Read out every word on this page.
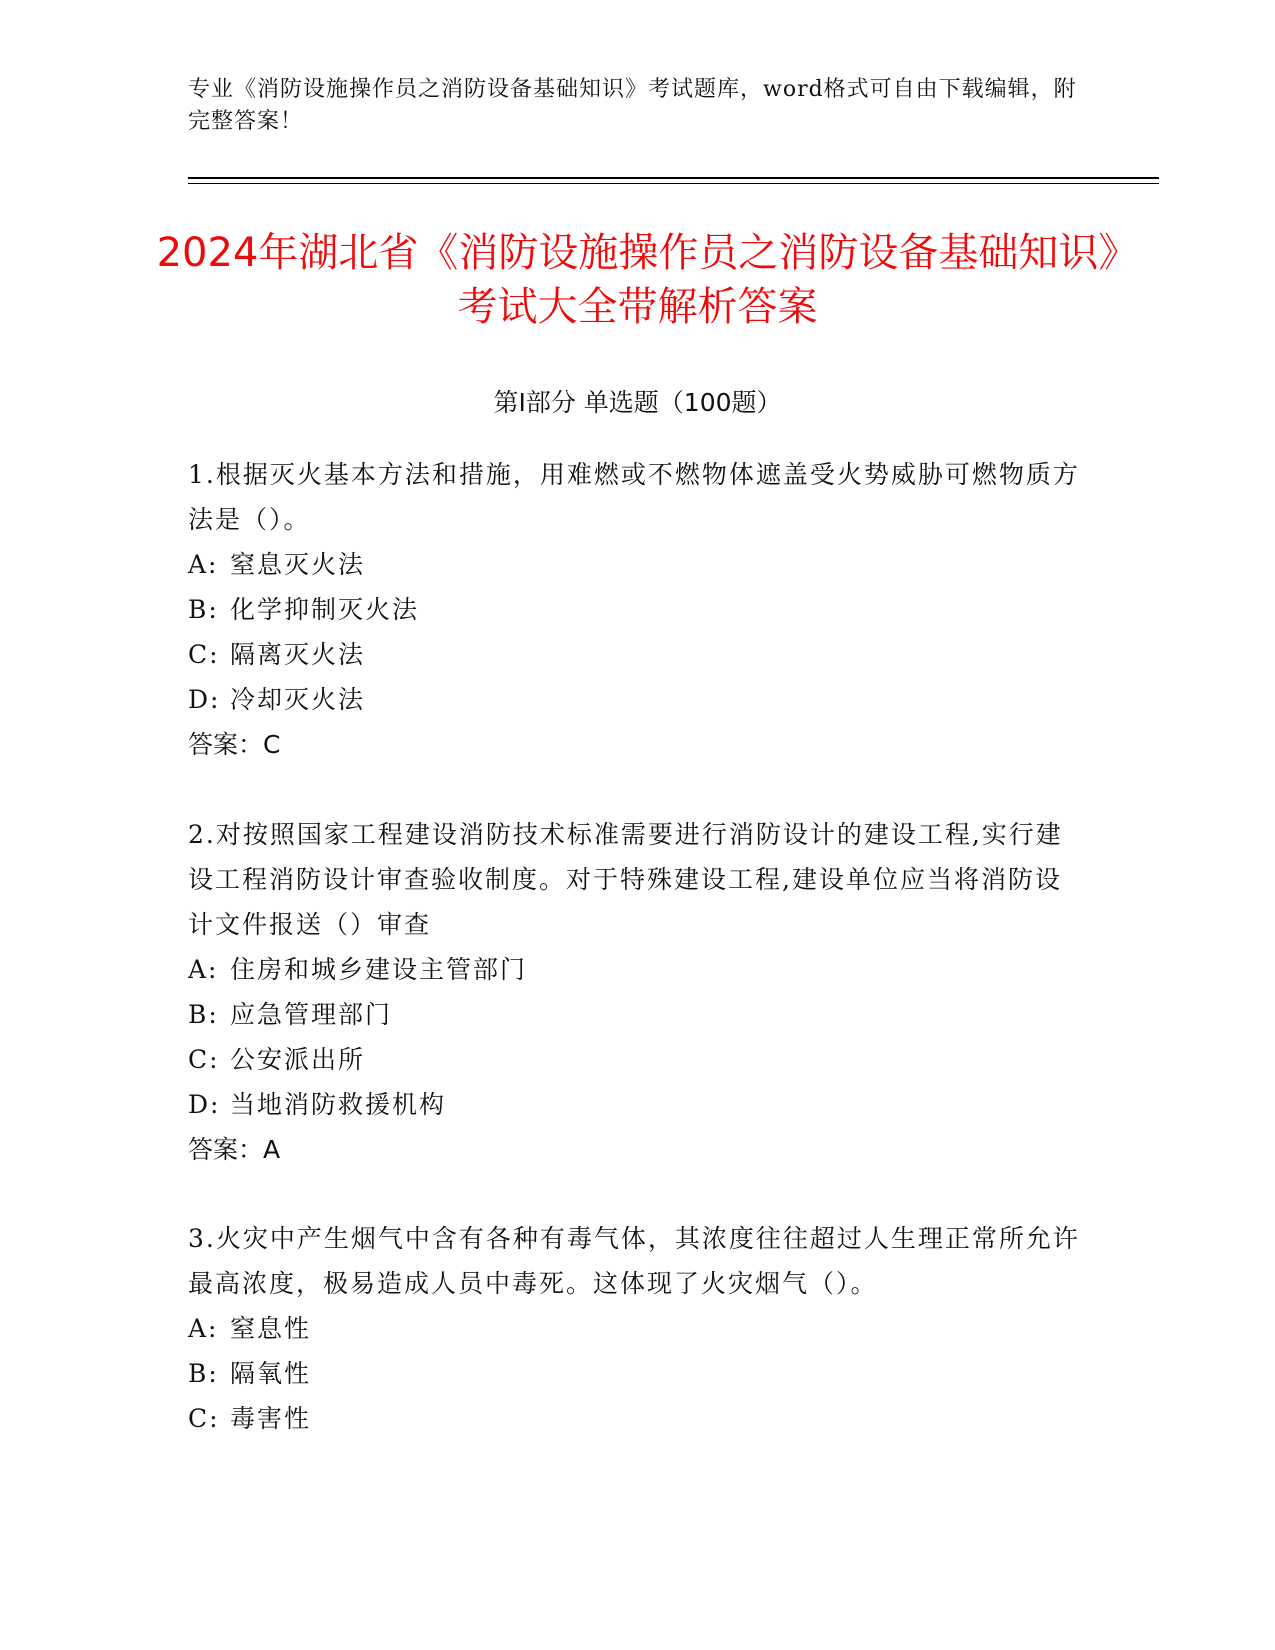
专业《消防设施操作员之消防设备基础知识》考试题库，word格式可自由下载编辑，附完整答案！
2024年湖北省《消防设施操作员之消防设备基础知识》考试大全带解析答案
第Ⅰ部分 单选题（100题）

1.根据灭火基本方法和措施，用难燃或不燃物体遮盖受火势威胁可燃物质方法是（）。

A: 窒息灭火法

B: 化学抑制灭火法

C: 隔离灭火法

D: 冷却灭火法

答案：C

2.对按照国家工程建设消防技术标准需要进行消防设计的建设工程,实行建设工程消防设计审查验收制度。对于特殊建设工程,建设单位应当将消防设计文件报送（）审查

A: 住房和城乡建设主管部门

B: 应急管理部门

C: 公安派出所

D: 当地消防救援机构

答案：A

3.火灾中产生烟气中含有各种有毒气体，其浓度往往超过人生理正常所允许最高浓度，极易造成人员中毒死。这体现了火灾烟气（）。

A: 窒息性

B: 隔氧性

C: 毒害性
